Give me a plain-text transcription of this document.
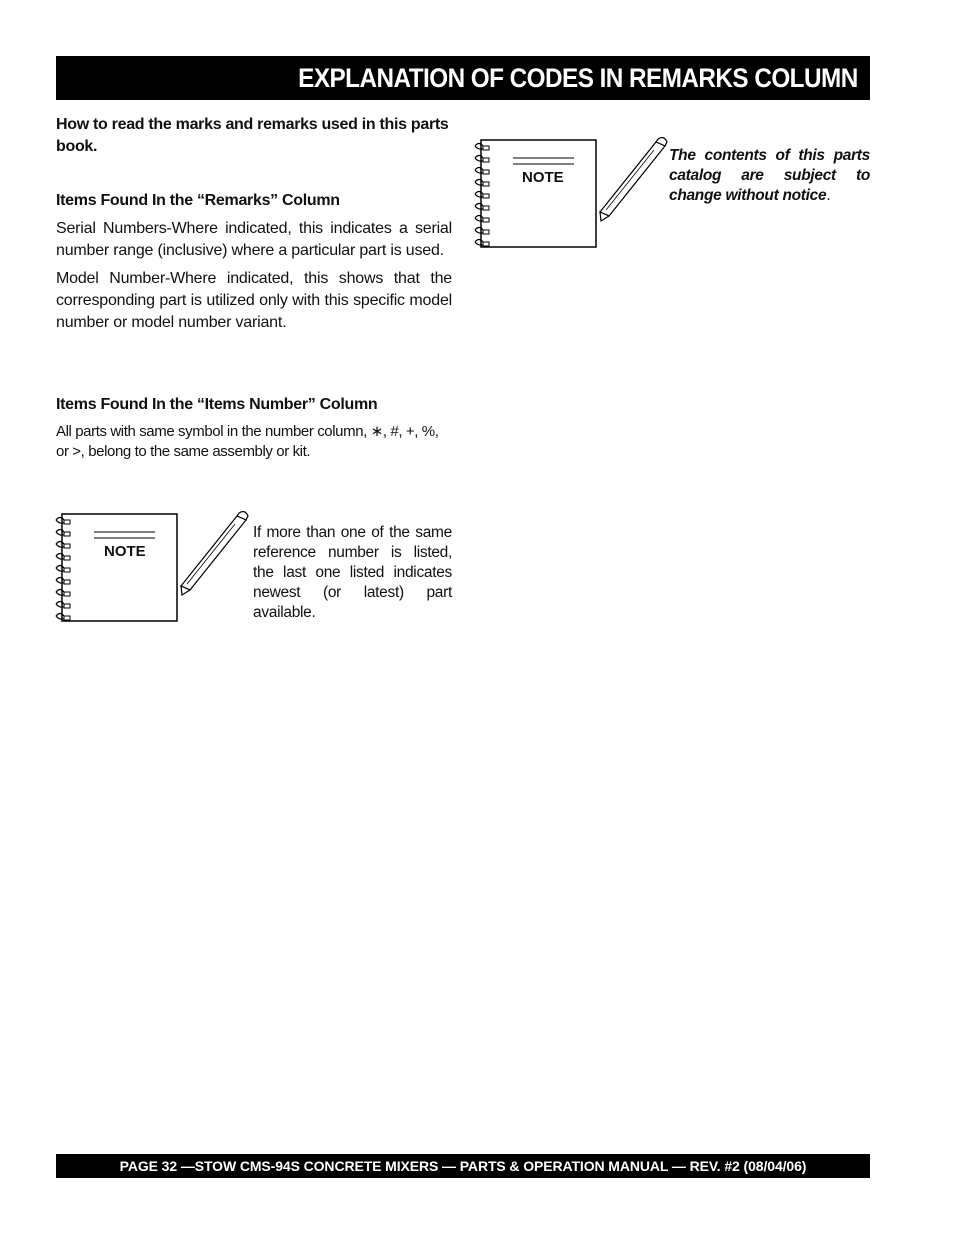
EXPLANATION OF CODES IN REMARKS COLUMN

How to read the marks and remarks used in this parts book.

Items Found In the “Remarks” Column

Serial Numbers-Where indicated, this indicates a serial number range (inclusive) where a particular part is used.

Model Number-Where indicated, this shows that the corresponding part is utilized only with this specific model number or model number variant.

Items Found In the “Items Number” Column

All parts with same symbol in the number column, ∗, #, +, %, or >, belong to the same assembly or kit.

NOTE
If more than one of the same reference number is listed, the last one listed indicates newest (or latest) part available.
NOTE
The contents of this parts catalog are subject to change without notice.
PAGE 32 —STOW CMS-94S CONCRETE MIXERS — PARTS & OPERATION MANUAL — REV. #2 (08/04/06)
